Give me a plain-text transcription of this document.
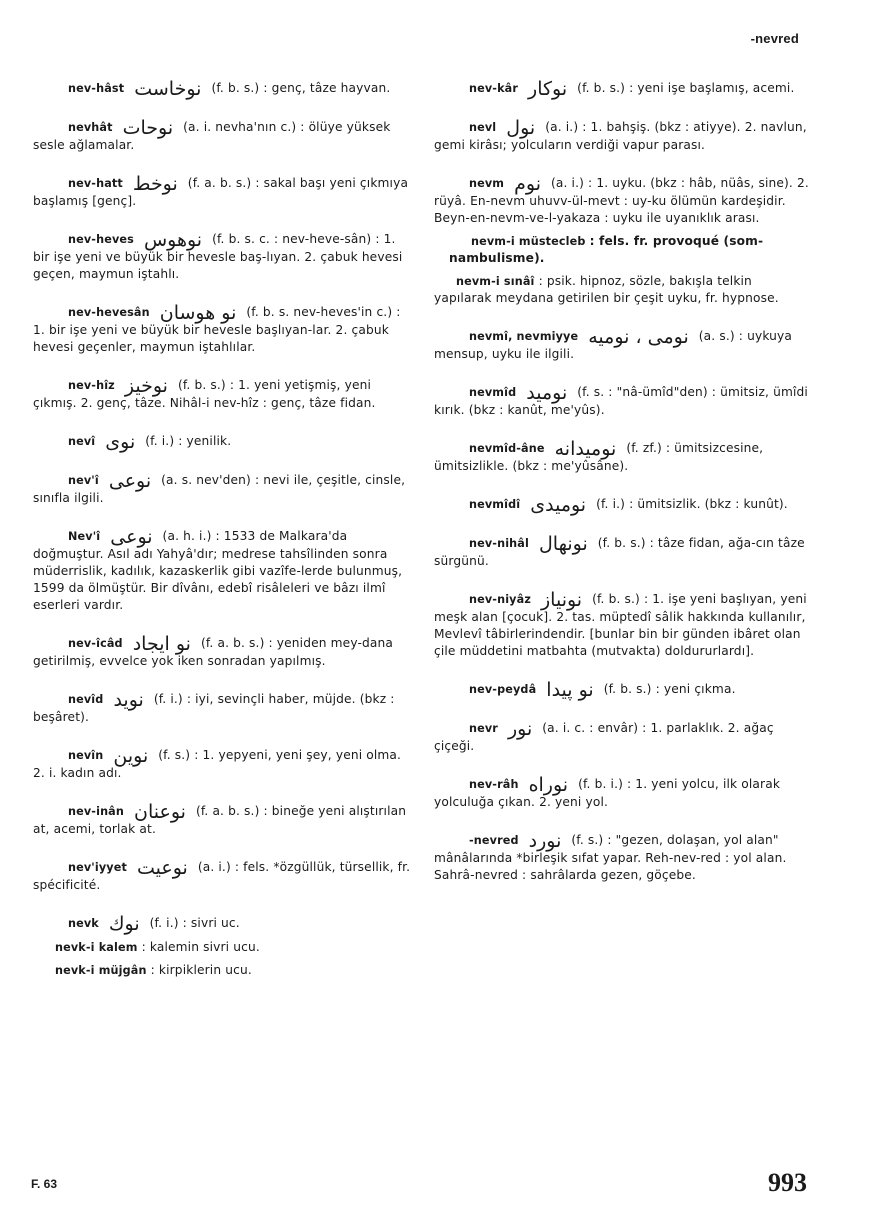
-nevred
nev-hâst نوخاست (f. b. s.) : genç, tâze hayvan.
nevhât نوحات (a. i. nevha'nın c.) : ölüye yüksek sesle ağlamalar.
nev-hatt نوخط (f. a. b. s.) : sakal başı yeni çıkmıya başlamış [genç].
nev-heves نوهوس (f. b. s. c. : nev-heve-sân) : 1. bir işe yeni ve büyük bir hevesle baş-lıyan. 2. çabuk hevesi geçen, maymun iştahlı.
nev-hevesân نو هوسان (f. b. s. nev-heves'in c.) : 1. bir işe yeni ve büyük bir hevesle başlıyan-lar. 2. çabuk hevesi geçenler, maymun iştahlılar.
nev-hîz نوخيز (f. b. s.) : 1. yeni yetişmiş, yeni çıkmış. 2. genç, tâze. Nihâl-i nev-hîz : genç, tâze fidan.
nevî نوى (f. i.) : yenilik.
nev'î نوعى (a. s. nev'den) : nevi ile, çeşitle, cinsle, sınıfla ilgili.
Nev'î نوعى (a. h. i.) : 1533 de Malkara'da doğmuştur. Asıl adı Yahyâ'dır; medrese tahsîlinden sonra müderrislik, kadılık, kazaskerlik gibi vazîfe-lerde bulunmuş, 1599 da ölmüştür. Bir dîvânı, edebî risâleleri ve bâzı ilmî eserleri vardır.
nev-îcâd نو ايجاد (f. a. b. s.) : yeniden mey-dana getirilmiş, evvelce yok iken sonradan yapılmış.
nevîd نويد (f. i.) : iyi, sevinçli haber, müjde. (bkz : beşâret).
nevîn نوين (f. s.) : 1. yepyeni, yeni şey, yeni olma. 2. i. kadın adı.
nev-inân نوعنان (f. a. b. s.) : bineğe yeni alıştırılan at, acemi, torlak at.
nev'iyyet نوعيت (a. i.) : fels. *özgüllük, türsellik, fr. spécificité.
nevk نوك (f. i.) : sivri uc.
nevk-i kalem : kalemin sivri ucu.
nevk-i müjgân : kirpiklerin ucu.
nev-kâr نوكار (f. b. s.) : yeni işe başlamış, acemi.
nevl نول (a. i.) : 1. bahşiş. (bkz : atiyye). 2. navlun, gemi kirâsı; yolcuların verdiği vapur parası.
nevm نوم (a. i.) : 1. uyku. (bkz : hâb, nüâs, sine). 2. rüyâ. En-nevm uhuvv-ül-mevt : uy-ku ölümün kardeşidir. Beyn-en-nevm-ve-l-yakaza : uyku ile uyanıklık arası.
nevm-i müstecleb : fels. fr. provoqué (som-nambulisme).
nevm-i sınâî : psik. hipnoz, sözle, bakışla telkin yapılarak meydana getirilen bir çeşit uyku, fr. hypnose.
nevmî, nevmiyye نومى ، نوميه (a. s.) : uykuya mensup, uyku ile ilgili.
nevmîd نوميد (f. s. : "nâ-ümîd"den) : ümitsiz, ümîdi kırık. (bkz : kanût, me'yûs).
nevmîd-âne نوميدانه (f. zf.) : ümitsizcesine, ümitsizlikle. (bkz : me'yûsâne).
nevmîdî نوميدى (f. i.) : ümitsizlik. (bkz : kunût).
nev-nihâl نونهال (f. b. s.) : tâze fidan, ağa-cın tâze sürgünü.
nev-niyâz نونياز (f. b. s.) : 1. işe yeni başlıyan, yeni meşk alan [çocuk]. 2. tas. müptedî sâlik hakkında kullanılır, Mevlevî tâbirlerindendir. [bunlar bin bir günden ibâret olan çile müddetini matbahta (mutvakta) doldururlardı].
nev-peydâ نو پيدا (f. b. s.) : yeni çıkma.
nevr نور (a. i. c. : envâr) : 1. parlaklık. 2. ağaç çiçeği.
nev-râh نوراه (f. b. i.) : 1. yeni yolcu, ilk olarak yolculuğa çıkan. 2. yeni yol.
-nevred نورد (f. s.) : "gezen, dolaşan, yol alan" mânâlarında *birleşik sıfat yapar. Reh-nev-red : yol alan. Sahrâ-nevred : sahrâlarda gezen, göçebe.
F. 63	993
